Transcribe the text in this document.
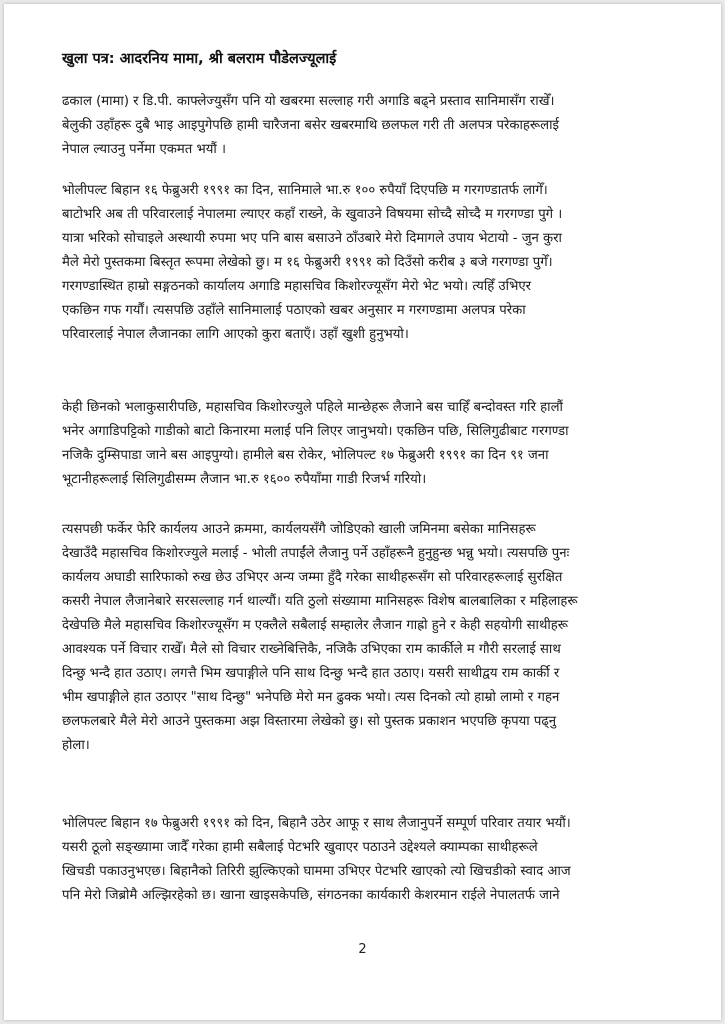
खुला पत्र: आदरनिय मामा, श्री बलराम पौडेलज्यूलाई
ढकाल (मामा) र डि.पी. काफ्लेज्युसँग पनि यो खबरमा सल्लाह गरी अगाडि बढ्ने प्रस्ताव सानिमासँग राखेँ।
बेलुकी उहाँहरू दुबै भाइ आइपुगेपछि हामी चारैजना बसेर खबरमाथि छलफल गरी ती अलपत्र परेकाहरूलाई
नेपाल ल्याउनु पर्नेमा एकमत भयौं ।
भोलीपल्ट बिहान १६ फेब्रुअरी १९९१ का दिन, सानिमाले भा.रु १०० रुपैयाँ दिएपछि म गरगण्डातर्फ लागेँ।
बाटोभरि अब ती परिवारलाई नेपालमा ल्याएर कहाँ राख्ने, के खुवाउने विषयमा सोच्दै सोच्दै म गरगण्डा पुगे ।
यात्रा भरिको सोचाइले अस्थायी रुपमा भए पनि बास बसाउने ठाँउबारे मेरो दिमागले उपाय भेटायो - जुन कुरा
मैले मेरो पुस्तकमा बिस्तृत रूपमा लेखेको छु। म १६ फेब्रुअरी १९९१ को दिउँसो करीब ३ बजे गरगण्डा पुगेँ।
गरगण्डास्थित हाम्रो सङ्गठनको कार्यालय अगाडि महासचिव किशोरज्यूसँग मेरो भेट भयो। त्यहिँ उभिएर
एकछिन गफ गर्यौं। त्यसपछि उहाँले सानिमालाई पठाएको खबर अनुसार म गरगण्डामा अलपत्र परेका
परिवारलाई नेपाल लैजानका लागि आएको कुरा बताएँ। उहाँ खुशी हुनुभयो।
केही छिनको भलाकुसारीपछि, महासचिव किशोरज्युले पहिले मान्छेहरू लैजाने बस चाहिँ बन्दोवस्त गरि हालौं
भनेर अगाडिपट्टिको गाडीको बाटो किनारमा मलाई पनि लिएर जानुभयो। एकछिन पछि, सिलिगुढीबाट गरगण्डा
नजिकै दुम्सिपाडा जाने बस आइपुग्यो। हामीले बस रोकेर, भोलिपल्ट १७ फेब्रुअरी १९९१ का दिन ९१ जना
भूटानीहरूलाई सिलिगुढीसम्म लैजान भा.रु १६०० रुपैयाँमा गाडी रिजर्भ गरियो।
त्यसपछी फर्केर फेरि कार्यलय आउने क्रममा, कार्यलयसँगै जोडिएको खाली जमिनमा बसेका मानिसहरू
देखाउँदै महासचिव किशोरज्युले मलाई - भोली तपाईंले लैजानु पर्ने उहाँहरूनै हुनुहुन्छ भन्नु भयो। त्यसपछि पुनः
कार्यलय अघाडी सारिफाको रुख छेउ उभिएर अन्य जम्मा हुँदै गरेका साथीहरूसँग सो परिवारहरूलाई सुरक्षित
कसरी नेपाल लैजानेबारे सरसल्लाह गर्न थाल्यौं। यति ठुलो संख्यामा मानिसहरू विशेष बालबालिका र महिलाहरू
देखेपछि मैले महासचिव किशोरज्यूसँग म एक्लैले सबैलाई सम्हालेर लैजान गाह्रो हुने र केही सहयोगी साथीहरू
आवश्यक पर्ने विचार राखेँ। मैले सो विचार राख्नेबित्तिकै, नजिकै उभिएका राम कार्कीले म गौरी सरलाई साथ
दिन्छु भन्दै हात उठाए। लगत्तै भिम खपाङ्गीले पनि साथ दिन्छु भन्दै हात उठाए। यसरी साथीद्वय राम कार्की र
भीम खपाङ्गीले हात उठाएर "साथ दिन्छु" भनेपछि मेरो मन ढुक्क भयो। त्यस दिनको त्यो हाम्रो लामो र गहन
छलफलबारे मैले मेरो आउने पुस्तकमा अझ विस्तारमा लेखेको छु। सो पुस्तक प्रकाशन भएपछि कृपया पढ्नु
होला।
भोलिपल्ट बिहान १७ फेब्रुअरी १९९१ को दिन, बिहानै उठेर आफू र साथ लैजानुपर्ने सम्पूर्ण परिवार तयार भयौं।
यसरी ठूलो सङ्ख्यामा जादैँ गरेका हामी सबैलाई पेटभरि खुवाएर पठाउने उद्देश्यले क्याम्पका साथीहरूले
खिचडी पकाउनुभएछ। बिहानैको तिरिरी झुल्किएको घाममा उभिएर पेटभरि खाएको त्यो खिचडीको स्वाद आज
पनि मेरो जिब्रोमै अल्झिरहेको छ। खाना खाइसकेपछि, संगठनका कार्यकारी केशरमान राईले नेपालतर्फ जाने
2
